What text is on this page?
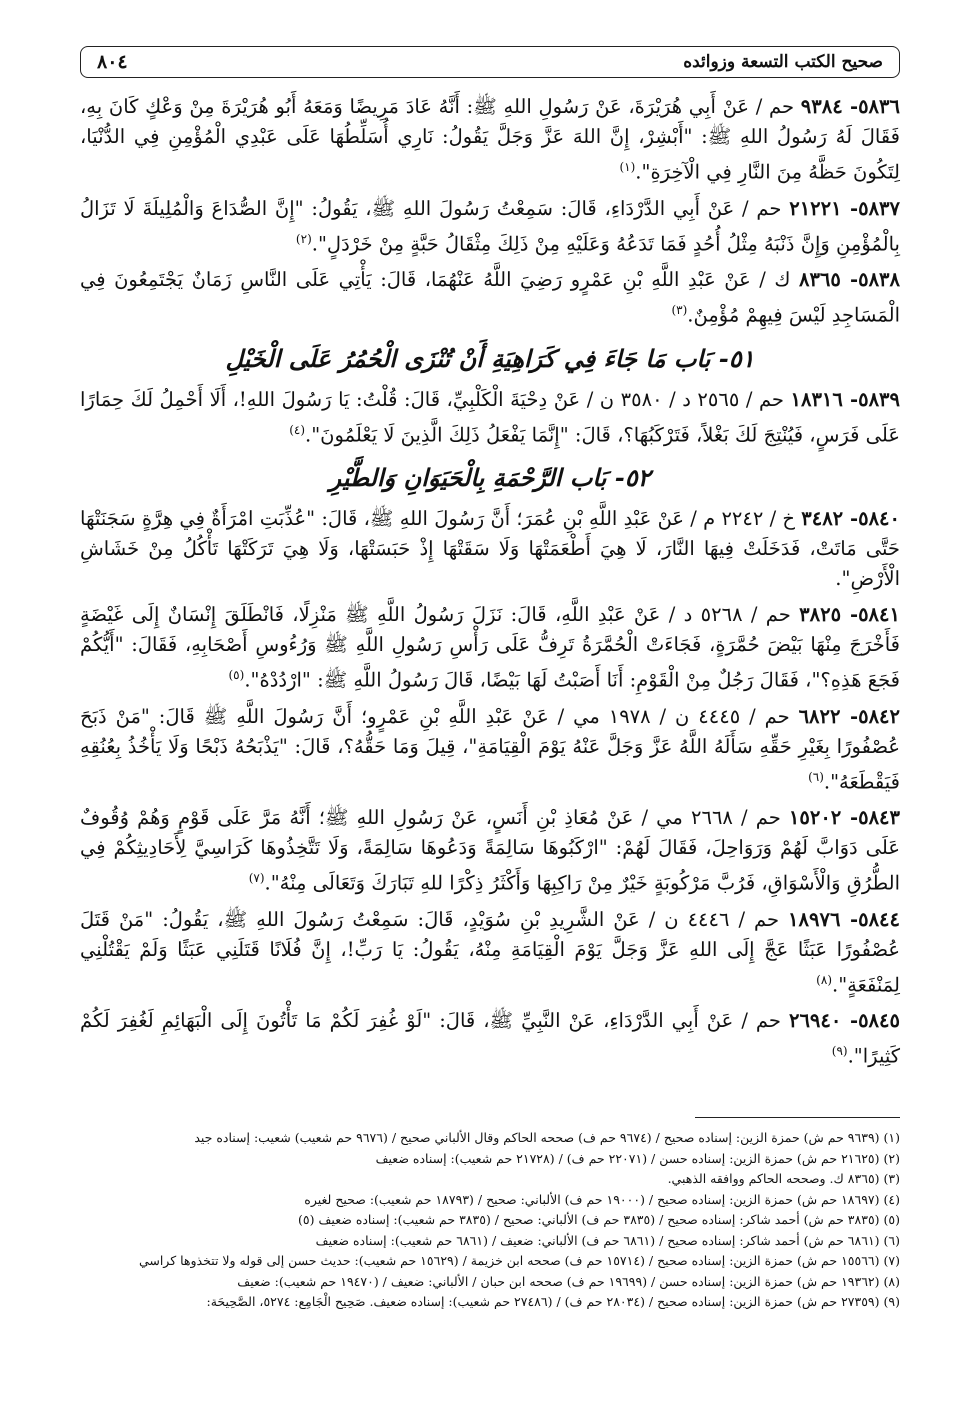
صحيح الكتب التسعة وزوائده
٨٠٤

٥٨٣٦- ٩٣٨٤ حم / عَنْ أَبِي هُرَيْرَةَ، عَنْ رَسُولِ اللهِ ﷺ: أَنَّهُ عَادَ مَرِيضًا وَمَعَهُ أَبُو هُرَيْرَةَ مِنْ وَعْكٍ كَانَ بِهِ، فَقَالَ لَهُ رَسُولُ اللهِ ﷺ: "أَبْشِرْ، إِنَّ اللهَ عَزَّ وَجَلَّ يَقُولُ: نَارِي أُسَلِّطُهَا عَلَى عَبْدِي الْمُؤْمِنِ فِي الدُّنْيَا، لِتَكُونَ حَظَّهُ مِنَ النَّارِ فِي الْآخِرَةِ".$^{(١)}$

٥٨٣٧- ٢١٢٢١ حم / عَنْ أَبِي الدَّرْدَاءِ، قَالَ: سَمِعْتُ رَسُولَ اللهِ ﷺ، يَقُولُ: "إِنَّ الصُّدَاعَ وَالْمُلِيلَةَ لَا تَزَالُ بِالْمُؤْمِنِ وَإِنَّ ذَنْبَهُ مِثْلُ أُحُدٍ فَمَا تَدَعُهُ وَعَلَيْهِ مِنْ ذَلِكَ مِثْقَالُ حَبَّةٍ مِنْ خَرْدَلٍ".$^{(٢)}$

٥٨٣٨- ٨٣٦٥ ك / عَنْ عَبْدِ اللَّهِ بْنِ عَمْرٍو رَضِيَ اللَّهُ عَنْهُمَا، قَالَ: يَأْتِي عَلَى النَّاسِ زَمَانٌ يَجْتَمِعُونَ فِي الْمَسَاجِدِ لَيْسَ فِيهِمْ مُؤْمِنٌ.$^{(٣)}$

٥١- بَاب مَا جَاءَ فِي كَرَاهِيَةِ أَنْ تُنْزَى الْحُمُرُ عَلَى الْخَيْلِ

٥٨٣٩- ١٨٣١٦ حم / ٢٥٦٥ د / ٣٥٨٠ ن / عَنْ دِحْيَةَ الْكَلْبِيِّ، قَالَ: قُلْتُ: يَا رَسُولَ اللهِ!، أَلَا أَحْمِلُ لَكَ حِمَارًا عَلَى فَرَسٍ، فَيُنْتِجَ لَكَ بَغْلاً، فَتَرْكَبُهَا؟، قَالَ: "إِنَّمَا يَفْعَلُ ذَلِكَ الَّذِينَ لَا يَعْلَمُونَ".$^{(٤)}$

٥٢- بَاب الرَّحْمَةِ بِالْحَيَوَانِ وَالطَّيْرِ

٥٨٤٠- ٣٤٨٢ خ / ٢٢٤٢ م / عَنْ عَبْدِ اللَّهِ بْنِ عُمَرَ؛ أَنَّ رَسُولَ اللهِ ﷺ، قَالَ: "عُذِّبَتِ امْرَأَةٌ فِي هِرَّةٍ سَجَنَتْهَا حَتَّى مَاتَتْ، فَدَخَلَتْ فِيهَا النَّارَ، لَا هِيَ أَطْعَمَتْهَا وَلَا سَقَتْهَا إِذْ حَبَسَتْهَا، وَلَا هِيَ تَرَكَتْهَا تَأْكُلُ مِنْ خَشَاشِ الْأَرْضِ".

٥٨٤١- ٣٨٢٥ حم / ٥٢٦٨ د / عَنْ عَبْدِ اللَّهِ، قَالَ: نَزَلَ رَسُولُ اللَّهِ ﷺ مَنْزِلًا، فَانْطَلَقَ إِنْسَانٌ إِلَى غَيْضَةٍ فَأَخْرَجَ مِنْهَا بَيْضَ حُمَّرَةٍ، فَجَاءَتْ الْحُمَّرَةُ تَرِفُّ عَلَى رَأْسِ رَسُولِ اللَّهِ ﷺ وَرُءُوسِ أَصْحَابِهِ، فَقَالَ: "أَيُّكُمْ فَجَعَ هَذِهِ؟"، فَقَالَ رَجُلٌ مِنْ الْقَوْمِ: أَنَا أَصَبْتُ لَهَا بَيْضًا، قَالَ رَسُولُ اللَّهِ ﷺ: "ارْدُدْهُ".$^{(٥)}$

٥٨٤٢- ٦٨٢٢ حم / ٤٤٤٥ ن / ١٩٧٨ مي / عَنْ عَبْدِ اللَّهِ بْنِ عَمْرٍو؛ أَنَّ رَسُولَ اللَّهِ ﷺ قَالَ: "مَنْ ذَبَحَ عُصْفُورًا بِغَيْرِ حَقِّهِ سَأَلَهُ اللَّهُ عَزَّ وَجَلَّ عَنْهُ يَوْمَ الْقِيَامَةِ"، قِيلَ وَمَا حَقُّهُ؟، قَالَ: "يَذْبَحُهُ ذَبْحًا وَلَا يَأْخُذُ بِعُنُقِهِ فَيَقْطَعَهُ".$^{(٦)}$

٥٨٤٣- ١٥٢٠٢ حم / ٢٦٦٨ مي / عَنْ مُعَاذِ بْنِ أَنَسٍ، عَنْ رَسُولِ اللهِ ﷺ؛ أَنَّهُ مَرَّ عَلَى قَوْمٍ وَهُمْ وُقُوفٌ عَلَى دَوَابَّ لَهُمْ وَرَوَاحِلَ، فَقَالَ لَهُمْ: "ارْكَبُوهَا سَالِمَةً وَدَعُوهَا سَالِمَةً، وَلَا تَتَّخِذُوهَا كَرَاسِيَّ لِأَحَادِيثِكُمْ فِي الطُّرُقِ وَالْأَسْوَاقِ، فَرُبَّ مَرْكُوبَةٍ خَيْرٌ مِنْ رَاكِبِهَا وَأَكْثَرُ ذِكْرًا للهِ تَبَارَكَ وَتَعَالَى مِنْهُ".$^{(٧)}$

٥٨٤٤- ١٨٩٧٦ حم / ٤٤٤٦ ن / عَنْ الشَّرِيدِ بْنِ سُوَيْدٍ، قَالَ: سَمِعْتُ رَسُولَ اللهِ ﷺ، يَقُولُ: "مَنْ قَتَلَ عُصْفُورًا عَبَثًا عَجَّ إِلَى اللهِ عَزَّ وَجَلَّ يَوْمَ الْقِيَامَةِ مِنْهُ، يَقُولُ: يَا رَبِّ!، إِنَّ فُلَانًا قَتَلَنِي عَبَثًا وَلَمْ يَقْتُلْنِي لِمَنْفَعَةٍ".$^{(٨)}$

٥٨٤٥- ٢٦٩٤٠ حم / عَنْ أَبِي الدَّرْدَاءِ، عَنْ النَّبِيِّ ﷺ، قَالَ: "لَوْ غُفِرَ لَكُمْ مَا تَأْتُونَ إِلَى الْبَهَائِمِ لَغُفِرَ لَكُمْ كَثِيرًا".$^{(٩)}$

(١) (٩٦٣٩ حم ش) حمزة الزين: إسناده صحيح / (٩٦٧٤ حم ف) صححه الحاكم وقال الألباني صحيح / (٩٦٧٦ حم شعيب) شعيب: إسناده جيد

(٢) (٢١٦٢٥ حم ش) حمزة الزين: إسناده حسن / (٢٢٠٧١ حم ف) / (٢١٧٢٨ حم شعيب): إسناده ضعيف

(٣) (٨٣٦٥ ك. وصححه الحاكم ووافقه الذهبي.

(٤) (١٨٦٩٧ حم ش) حمزة الزين: إسناده صحيح / (١٩٠٠٠ حم ف) الألباني: صحيح / (١٨٧٩٣ حم شعيب): صحيح لغيره

(٥) (٣٨٣٥ حم ش) أحمد شاكر: إسناده صحيح / (٣٨٣٥ حم ف) الألباني: صحيح / (٣٨٣٥ حم شعيب): إسناده ضعيف (٥)

(٦) (٦٨٦١ حم ش) أحمد شاكر: إسناده صحيح / (٦٨٦١ حم ف) الألباني: ضعيف / (٦٨٦١ حم شعيب): إسناده ضعيف

(٧) (١٥٥٦٦ حم ش) حمزة الزين: إسناده صحيح / (١٥٧١٤ حم ف) صححه ابن خزيمة / (١٥٦٢٩ حم شعيب): حديث حسن إلى قوله ولا تتخذوها كراسي

(٨) (١٩٣٦٢ حم ش) حمزة الزين: إسناده حسن / (١٩٦٩٩ حم ف) صححه ابن حبان / الألباني: ضعيف / (١٩٤٧٠ حم شعيب): ضعيف

(٩) (٢٧٣٥٩ حم ش) حمزة الزين: إسناده صحيح / (٢٨٠٣٤ حم ف) / (٢٧٤٨٦ حم شعيب): إسناده ضعيف. صَحِيح الْجَامِع: ٥٢٧٤، الصَّحِيحَة:
